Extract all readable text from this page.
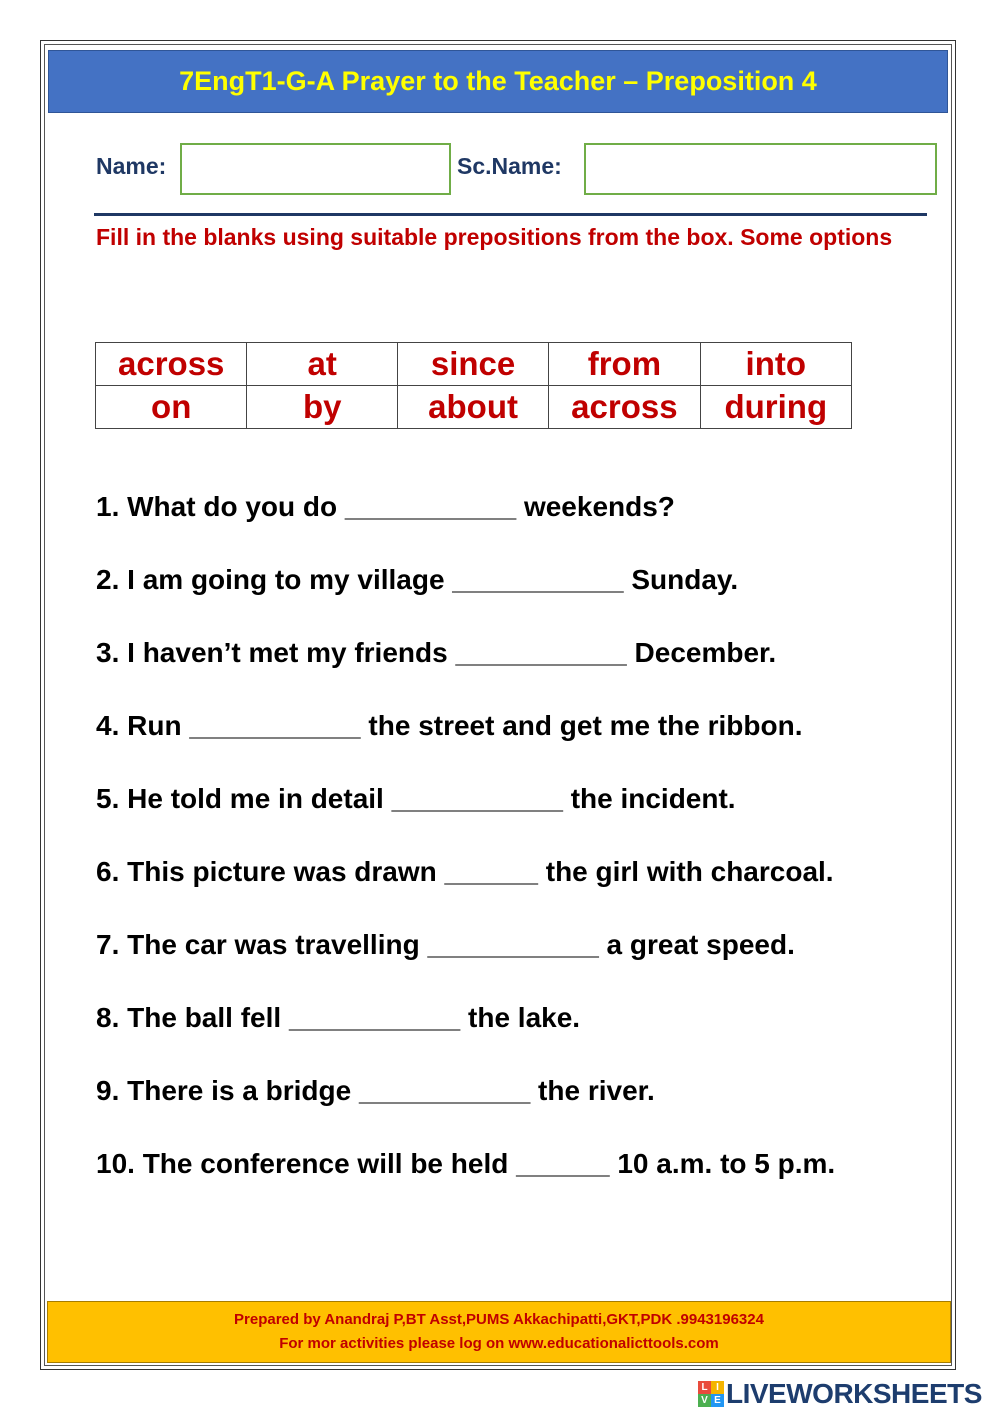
7EngT1-G-A Prayer to the Teacher – Preposition 4
Name:	Sc.Name:
Fill in the blanks using suitable prepositions from the box. Some options
across	at	since	from	into
on	by	about	across	during
1. What do you do ___________ weekends?
2. I am going to my village ___________ Sunday.
3. I haven’t met my friends ___________ December.
4. Run ___________ the street and get me the ribbon.
5. He told me in detail ___________ the incident.
6. This picture was drawn ______ the girl with charcoal.
7. The car was travelling ___________ a great speed.
8. The ball fell ___________ the lake.
9. There is a bridge ___________ the river.
10. The conference will be held ______ 10 a.m. to 5 p.m.
Prepared by Anandraj P,BT Asst,PUMS Akkachipatti,GKT,PDK .9943196324
For mor activities please log on www.educationalicttools.com
L I
V E LIVEWORKSHEETS
